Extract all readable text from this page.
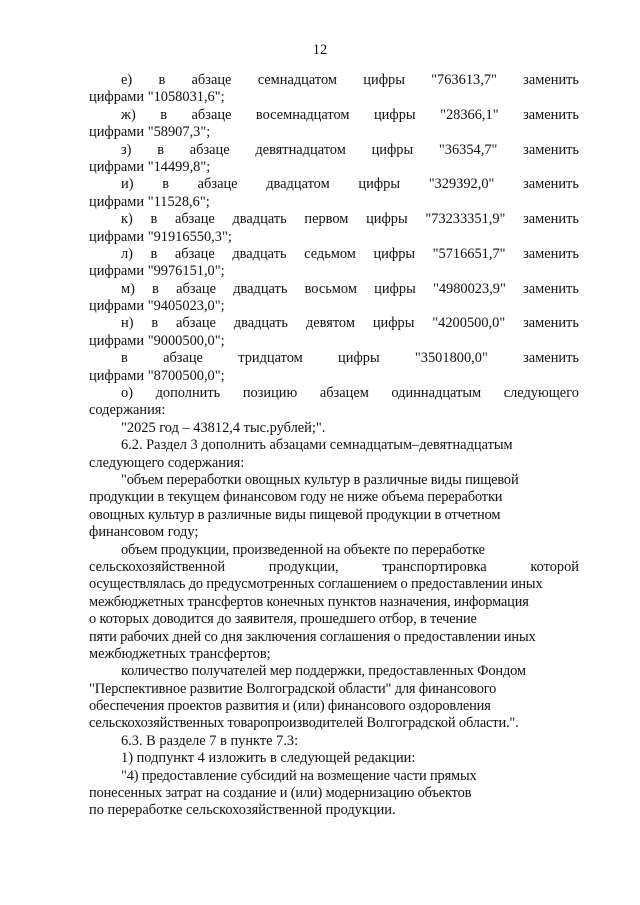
12
е) в абзаце семнадцатом цифры "763613,7" заменить
цифрами "1058031,6";
ж) в абзаце восемнадцатом цифры "28366,1" заменить
цифрами "58907,3";
з) в абзаце девятнадцатом цифры "36354,7" заменить
цифрами "14499,8";
и) в абзаце двадцатом цифры "329392,0" заменить
цифрами "11528,6";
к) в абзаце двадцать первом цифры "73233351,9" заменить
цифрами "91916550,3";
л) в абзаце двадцать седьмом цифры "5716651,7" заменить
цифрами "9976151,0";
м) в абзаце двадцать восьмом цифры "4980023,9" заменить
цифрами "9405023,0";
н) в абзаце двадцать девятом цифры "4200500,0" заменить
цифрами "9000500,0";
в абзаце тридцатом цифры "3501800,0" заменить
цифрами "8700500,0";
о) дополнить позицию абзацем одиннадцатым следующего
содержания:
"2025 год – 43812,4 тыс.рублей;".
6.2. Раздел 3 дополнить абзацами семнадцатым–девятнадцатым
следующего содержания:
"объем переработки овощных культур в различные виды пищевой
продукции в текущем финансовом году не ниже объема переработки
овощных культур в различные виды пищевой продукции в отчетном
финансовом году;
объем продукции, произведенной на объекте по переработке
сельскохозяйственной	продукции,	транспортировка	которой
осуществлялась до предусмотренных соглашением о предоставлении иных
межбюджетных трансфертов конечных пунктов назначения, информация
о которых доводится до заявителя, прошедшего отбор, в течение
пяти рабочих дней со дня заключения соглашения о предоставлении иных
межбюджетных трансфертов;
количество получателей мер поддержки, предоставленных Фондом
"Перспективное развитие Волгоградской области" для финансового
обеспечения проектов развития и (или) финансового оздоровления
сельскохозяйственных товаропроизводителей Волгоградской области.".
6.3. В разделе 7 в пункте 7.3:
1) подпункт 4 изложить в следующей редакции:
"4) предоставление субсидий на возмещение части прямых
понесенных затрат на создание и (или) модернизацию объектов
по переработке сельскохозяйственной продукции.
